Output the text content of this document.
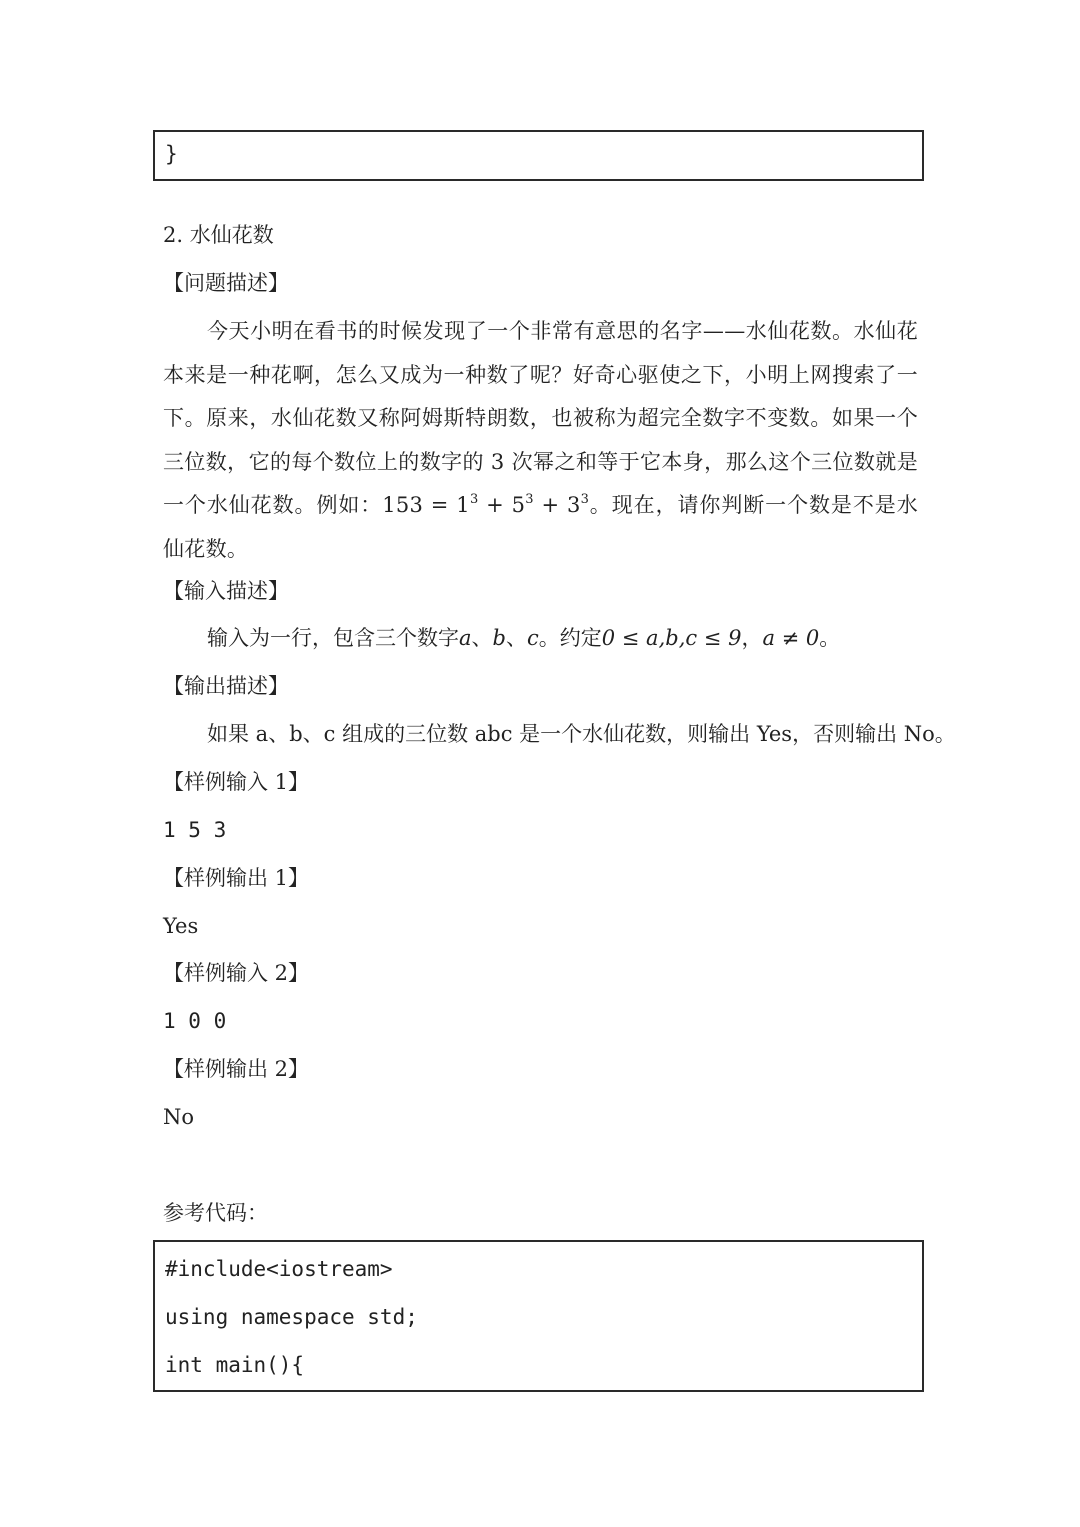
}
2. 水仙花数
【问题描述】
今天小明在看书的时候发现了一个非常有意思的名字——水仙花数。水仙花本来是一种花啊，怎么又成为一种数了呢？好奇心驱使之下，小明上网搜索了一下。原来，水仙花数又称阿姆斯特朗数，也被称为超完全数字不变数。如果一个三位数，它的每个数位上的数字的 3 次幂之和等于它本身，那么这个三位数就是一个水仙花数。例如：$153 = 1^3 + 5^3 + 3^3$。现在，请你判断一个数是不是水仙花数。
【输入描述】
输入为一行，包含三个数字a、b、c。约定0 ≤ a,b,c ≤ 9，a ≠ 0。
【输出描述】
如果 a、b、c 组成的三位数 abc 是一个水仙花数，则输出 Yes，否则输出 No。
【样例输入 1】
1 5 3
【样例输出 1】
Yes
【样例输入 2】
1 0 0
【样例输出 2】
No
参考代码：
#include<iostream>
using namespace std;
int main(){
